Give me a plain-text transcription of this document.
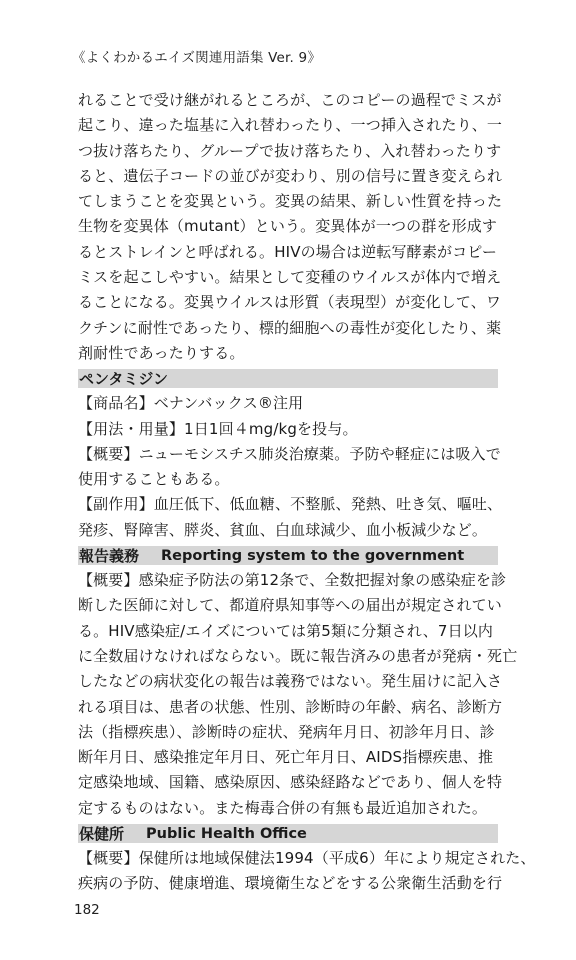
《よくわかるエイズ関連用語集 Ver. 9》
れることで受け継がれるところが、このコピーの過程でミスが
起こり、違った塩基に入れ替わったり、一つ挿入されたり、一
つ抜け落ちたり、グループで抜け落ちたり、入れ替わったりす
ると、遺伝子コードの並びが変わり、別の信号に置き変えられ
てしまうことを変異という。変異の結果、新しい性質を持った
生物を変異体（mutant）という。変異体が一つの群を形成す
るとストレインと呼ばれる。HIVの場合は逆転写酵素がコピー
ミスを起こしやすい。結果として変種のウイルスが体内で増え
ることになる。変異ウイルスは形質（表現型）が変化して、ワ
クチンに耐性であったり、標的細胞への毒性が変化したり、薬
剤耐性であったりする。
ペンタミジン
【商品名】ベナンバックス®注用
【用法・用量】1日1回４mg/kgを投与。
【概要】ニューモシスチス肺炎治療薬。予防や軽症には吸入で
使用することもある。
【副作用】血圧低下、低血糖、不整脈、発熱、吐き気、嘔吐、
発疹、腎障害、膵炎、貧血、白血球減少、血小板減少など。
報告義務 Reporting system to the government
【概要】感染症予防法の第12条で、全数把握対象の感染症を診
断した医師に対して、都道府県知事等への届出が規定されてい
る。HIV感染症/エイズについては第5類に分類され、7日以内
に全数届けなければならない。既に報告済みの患者が発病・死亡
したなどの病状変化の報告は義務ではない。発生届けに記入さ
れる項目は、患者の状態、性別、診断時の年齢、病名、診断方
法（指標疾患）、診断時の症状、発病年月日、初診年月日、診
断年月日、感染推定年月日、死亡年月日、AIDS指標疾患、推
定感染地域、国籍、感染原因、感染経路などであり、個人を特
定するものはない。また梅毒合併の有無も最近追加された。
保健所 Public Health Office
【概要】保健所は地域保健法1994（平成6）年により規定された、
疾病の予防、健康増進、環境衛生などをする公衆衛生活動を行
182
